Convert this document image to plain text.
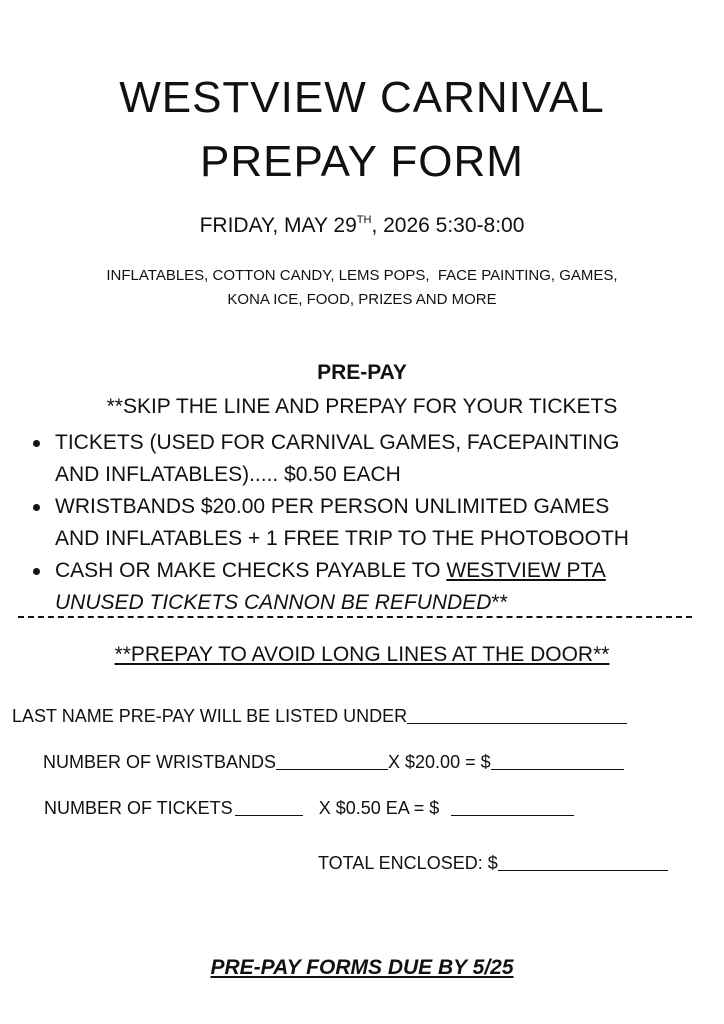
WESTVIEW CARNIVAL
PREPAY FORM
FRIDAY, MAY 29TH, 2026 5:30-8:00
INFLATABLES, COTTON CANDY, LEMS POPS,  FACE PAINTING, GAMES,
KONA ICE, FOOD, PRIZES AND MORE
PRE-PAY
**SKIP THE LINE AND PREPAY FOR YOUR TICKETS
TICKETS (USED FOR CARNIVAL GAMES, FACEPAINTING
AND INFLATABLES)..... $0.50 EACH
WRISTBANDS $20.00 PER PERSON UNLIMITED GAMES
AND INFLATABLES + 1 FREE TRIP TO THE PHOTOBOOTH
CASH OR MAKE CHECKS PAYABLE TO WESTVIEW PTA
UNUSED TICKETS CANNON BE REFUNDED**
**PREPAY TO AVOID LONG LINES AT THE DOOR**
LAST NAME PRE-PAY WILL BE LISTED UNDER
NUMBER OF WRISTBANDS	X $20.00 = $
NUMBER OF TICKETS	X $0.50 EA = $
TOTAL ENCLOSED: $
PRE-PAY FORMS DUE BY 5/25
